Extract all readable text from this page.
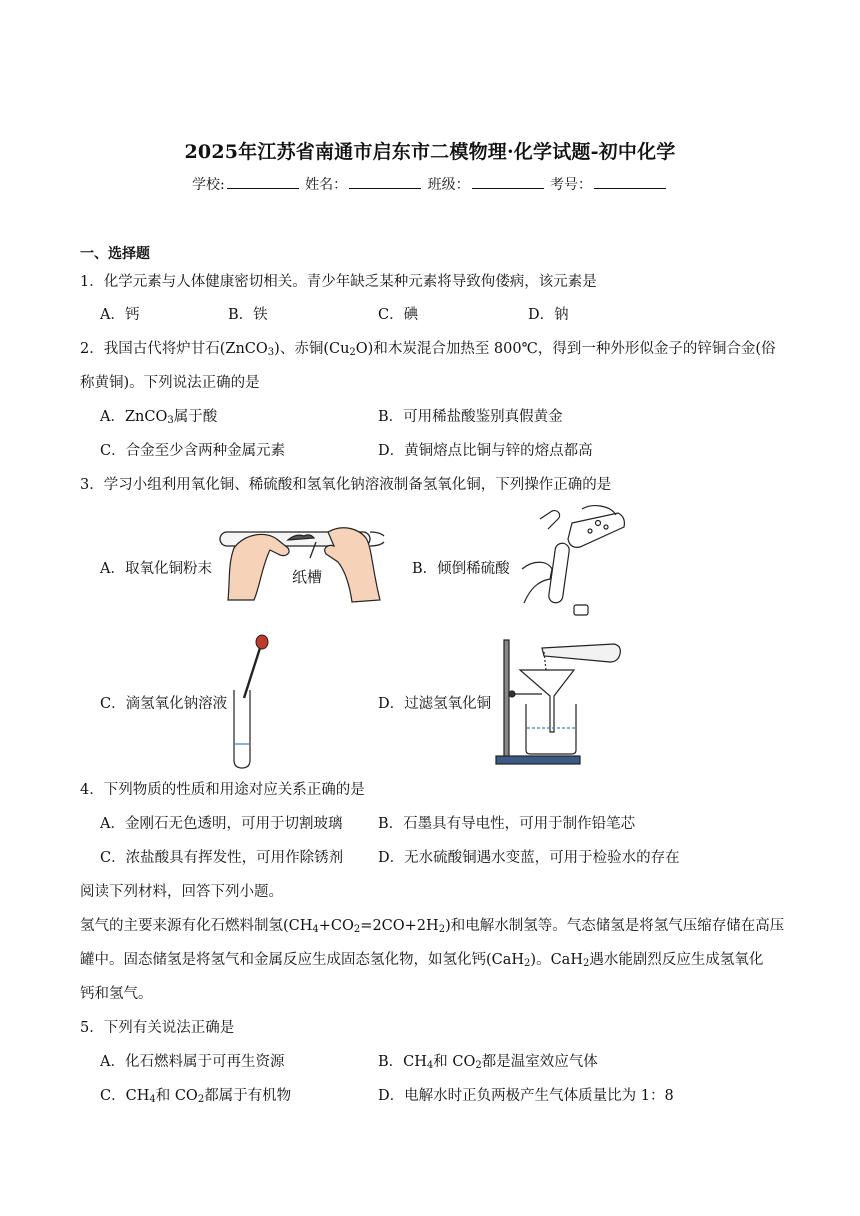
2025年江苏省南通市启东市二模物理·化学试题-初中化学
学校:	姓名：	班级：	考号：
一、选择题
1．化学元素与人体健康密切相关。青少年缺乏某种元素将导致佝偻病，该元素是
A．钙	B．铁	C．碘	D．钠
2．我国古代将炉甘石(ZnCO$_3$)、赤铜$(Cu_2O)$和木炭混合加热至 800℃，得到一种外形似金子的锌铜合金(俗
称黄铜)。下列说法正确的是
A．ZnCO$_3$属于酸	B．可用稀盐酸鉴别真假黄金
C．合金至少含两种金属元素	D．黄铜熔点比铜与锌的熔点都高
3．学习小组利用氧化铜、稀硫酸和氢氧化钠溶液制备氢氧化铜，下列操作正确的是
A．取氧化铜粉末	B．倾倒稀硫酸
C．滴氢氧化钠溶液	D．过滤氢氧化铜
纸槽
4．下列物质的性质和用途对应关系正确的是
A．金刚石无色透明，可用于切割玻璃 B．石墨具有导电性，可用于制作铅笔芯
C．浓盐酸具有挥发性，可用作除锈剂 D．无水硫酸铜遇水变蓝，可用于检验水的存在
阅读下列材料，回答下列小题。
氢气的主要来源有化石燃料制氢$(CH_4+CO_2=2CO+2H_2)$和电解水制氢等。气态储氢是将氢气压缩存储在高压
罐中。固态储氢是将氢气和金属反应生成固态氢化物，如氢化钙(CaH$_2$)。CaH$_2$遇水能剧烈反应生成氢氧化
钙和氢气。
5．下列有关说法正确是
A．化石燃料属于可再生资源	B．$CH_4$和 $CO_2$都是温室效应气体
C．$CH_4$和 $CO_2$都属于有机物	D．电解水时正负两极产生气体质量比为 1：8
